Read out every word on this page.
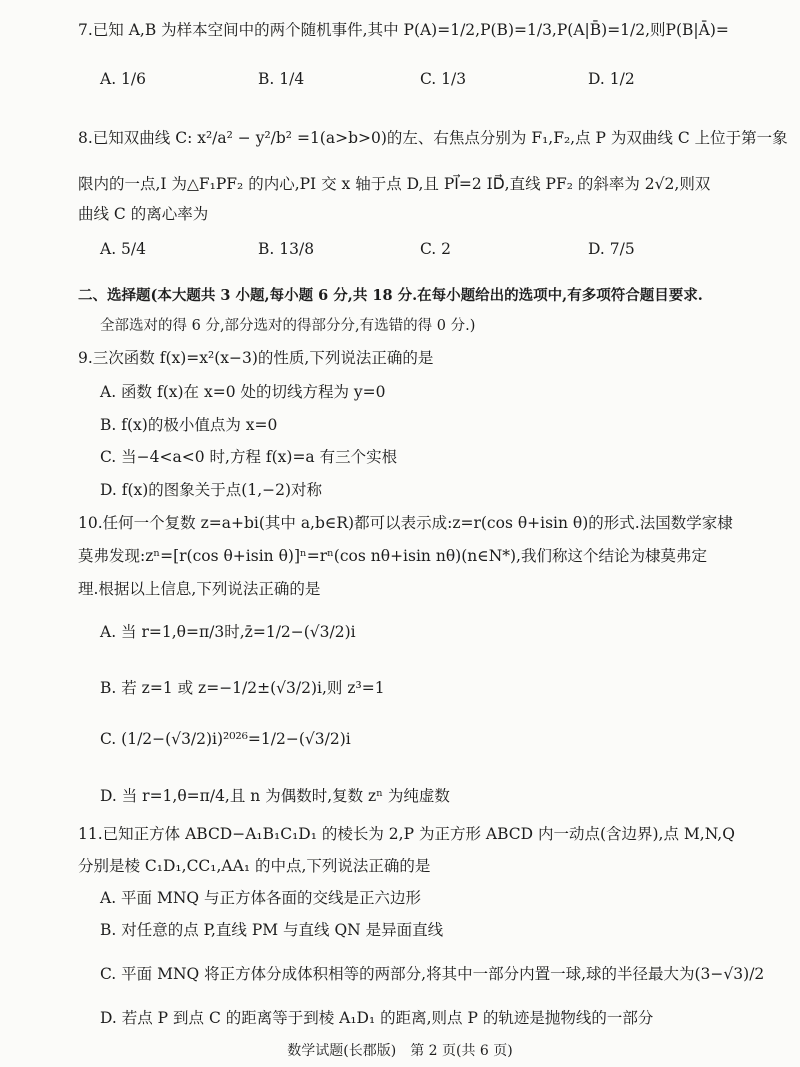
7.已知 A,B 为样本空间中的两个随机事件,其中 P(A)=1/2,P(B)=1/3,P(A|B̄)=1/2,则P(B|Ā)=
A. 1/6	B. 1/4	C. 1/3	D. 1/2
8.已知双曲线 C: x²/a² − y²/b² =1(a>b>0)的左、右焦点分别为 F₁,F₂,点 P 为双曲线 C 上位于第一象
限内的一点,I 为△F₁PF₂ 的内心,PI 交 x 轴于点 D,且 PI⃗=2 ID⃗,直线 PF₂ 的斜率为 2√2,则双
曲线 C 的离心率为
A. 5/4	B. 13/8	C. 2	D. 7/5
二、选择题(本大题共 3 小题,每小题 6 分,共 18 分.在每小题给出的选项中,有多项符合题目要求.
全部选对的得 6 分,部分选对的得部分分,有选错的得 0 分.)
9.三次函数 f(x)=x²(x−3)的性质,下列说法正确的是
A. 函数 f(x)在 x=0 处的切线方程为 y=0
B. f(x)的极小值点为 x=0
C. 当−4<a<0 时,方程 f(x)=a 有三个实根
D. f(x)的图象关于点(1,−2)对称
10.任何一个复数 z=a+bi(其中 a,b∈R)都可以表示成:z=r(cos θ+isin θ)的形式.法国数学家棣
莫弗发现:zⁿ=[r(cos θ+isin θ)]ⁿ=rⁿ(cos nθ+isin nθ)(n∈N*),我们称这个结论为棣莫弗定
理.根据以上信息,下列说法正确的是
A. 当 r=1,θ=π/3时,z̄=1/2−(√3/2)i
B. 若 z=1 或 z=−1/2±(√3/2)i,则 z³=1
C. (1/2−(√3/2)i)²⁰²⁶=1/2−(√3/2)i
D. 当 r=1,θ=π/4,且 n 为偶数时,复数 zⁿ 为纯虚数
11.已知正方体 ABCD−A₁B₁C₁D₁ 的棱长为 2,P 为正方形 ABCD 内一动点(含边界),点 M,N,Q
分别是棱 C₁D₁,CC₁,AA₁ 的中点,下列说法正确的是
A. 平面 MNQ 与正方体各面的交线是正六边形
B. 对任意的点 P,直线 PM 与直线 QN 是异面直线
C. 平面 MNQ 将正方体分成体积相等的两部分,将其中一部分内置一球,球的半径最大为(3−√3)/2
D. 若点 P 到点 C 的距离等于到棱 A₁D₁ 的距离,则点 P 的轨迹是抛物线的一部分
数学试题(长郡版)　第 2 页(共 6 页)
